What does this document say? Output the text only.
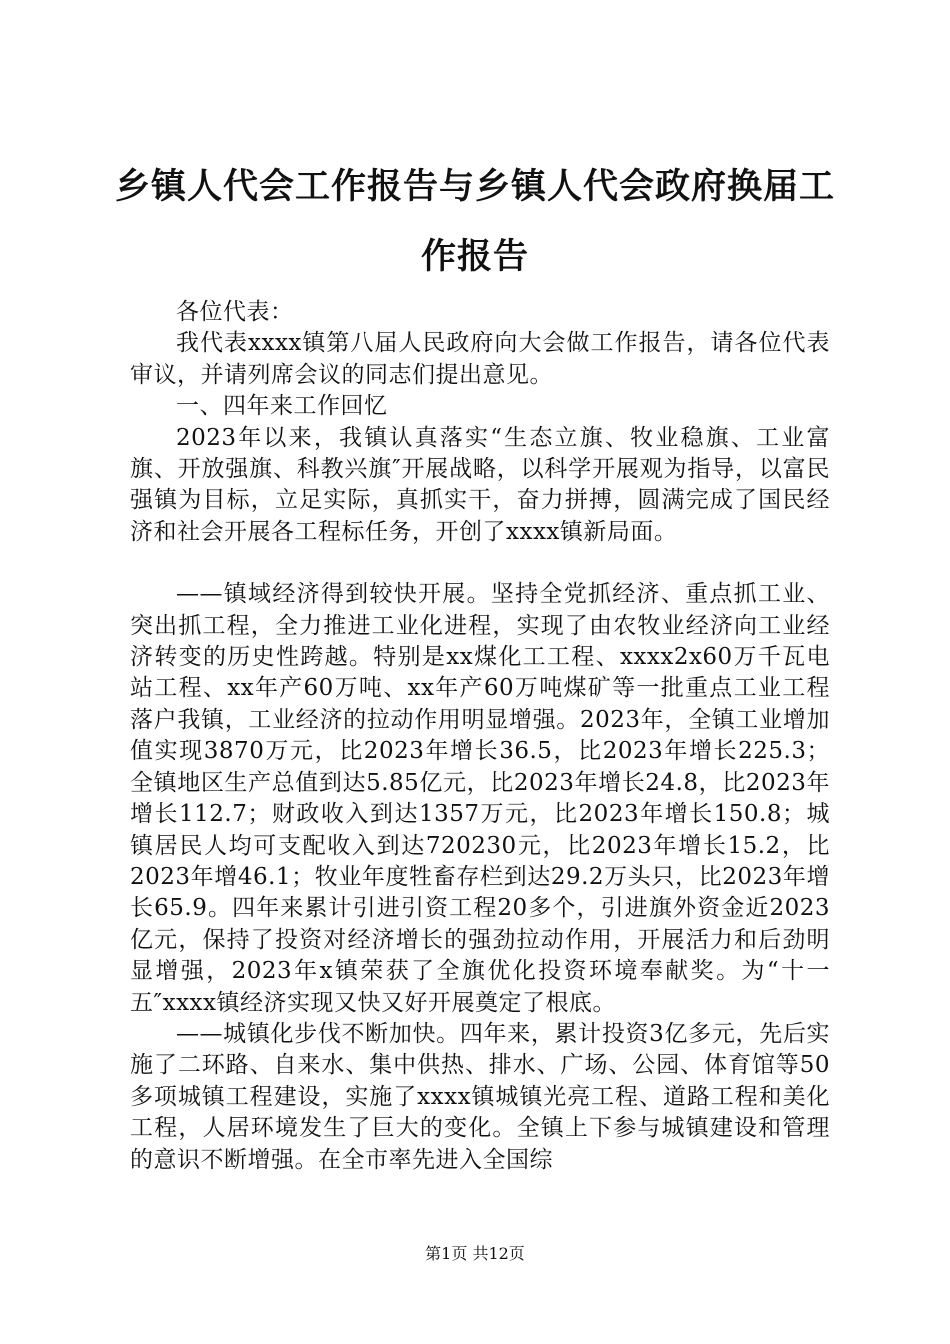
乡镇人代会工作报告与乡镇人代会政府换届工
作报告

各位代表：

我代表xxxx镇第八届人民政府向大会做工作报告，请各位代表审议，并请列席会议的同志们提出意见。

一、四年来工作回忆

2023年以来，我镇认真落实“生态立旗、牧业稳旗、工业富旗、开放强旗、科教兴旗″开展战略，以科学开展观为指导，以富民强镇为目标，立足实际，真抓实干，奋力拼搏，圆满完成了国民经济和社会开展各工程标任务，开创了xxxx镇新局面。

——镇域经济得到较快开展。坚持全党抓经济、重点抓工业、突出抓工程，全力推进工业化进程，实现了由农牧业经济向工业经济转变的历史性跨越。特别是xx煤化工工程、xxxx2x60万千瓦电站工程、xx年产60万吨、xx年产60万吨煤矿等一批重点工业工程落户我镇，工业经济的拉动作用明显增强。2023年，全镇工业增加值实现3870万元，比2023年增长36.5，比2023年增长225.3；全镇地区生产总值到达5.85亿元，比2023年增长24.8，比2023年增长112.7；财政收入到达1357万元，比2023年增长150.8；城镇居民人均可支配收入到达720230元，比2023年增长15.2，比2023年增46.1；牧业年度牲畜存栏到达29.2万头只，比2023年增长65.9。四年来累计引进引资工程20多个，引进旗外资金近2023亿元，保持了投资对经济增长的强劲拉动作用，开展活力和后劲明显增强，2023年x镇荣获了全旗优化投资环境奉献奖。为“十一五″xxxx镇经济实现又快又好开展奠定了根底。

——城镇化步伐不断加快。四年来，累计投资3亿多元，先后实施了二环路、自来水、集中供热、排水、广场、公园、体育馆等50多项城镇工程建设，实施了xxxx镇城镇光亮工程、道路工程和美化工程，人居环境发生了巨大的变化。全镇上下参与城镇建设和管理的意识不断增强。在全市率先进入全国综

第1页 共12页
